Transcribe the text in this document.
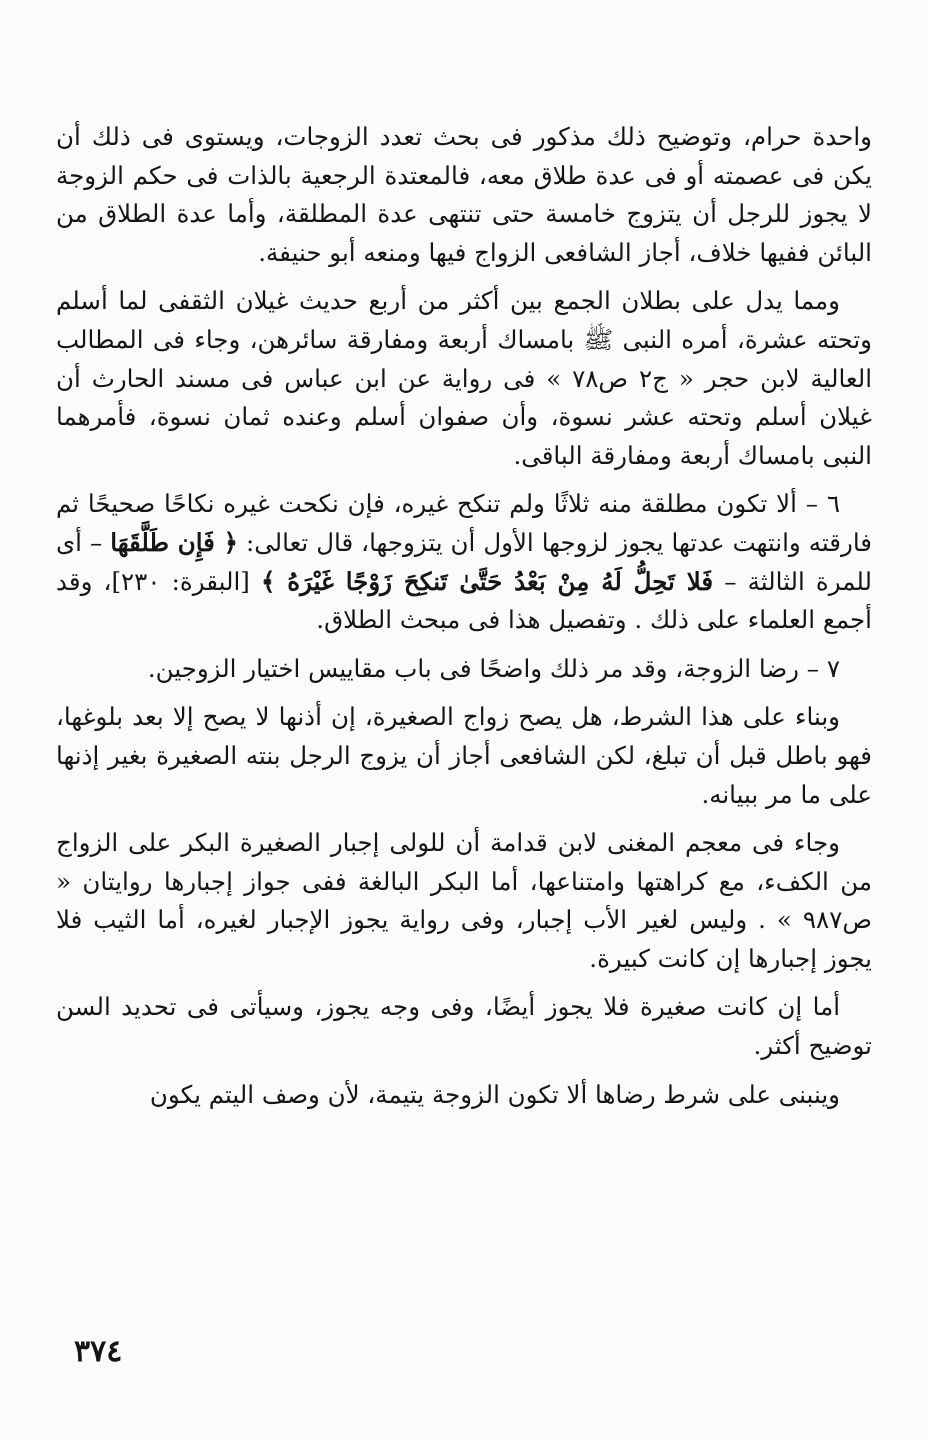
واحدة حرام، وتوضيح ذلك مذكور فى بحث تعدد الزوجات، ويستوى فى ذلك أن يكن فى عصمته أو فى عدة طلاق معه، فالمعتدة الرجعية بالذات فى حكم الزوجة لا يجوز للرجل أن يتزوج خامسة حتى تنتهى عدة المطلقة، وأما عدة الطلاق من البائن ففيها خلاف، أجاز الشافعى الزواج فيها ومنعه أبو حنيفة.

ومما يدل على بطلان الجمع بين أكثر من أربع حديث غيلان الثقفى لما أسلم وتحته عشرة، أمره النبى ﷺ بامساك أربعة ومفارقة سائرهن، وجاء فى المطالب العالية لابن حجر « ج٢ ص٧٨ » فى رواية عن ابن عباس فى مسند الحارث أن غيلان أسلم وتحته عشر نسوة، وأن صفوان أسلم وعنده ثمان نسوة، فأمرهما النبى بامساك أربعة ومفارقة الباقى.

٦ – ألا تكون مطلقة منه ثلاثًا ولم تنكح غيره، فإن نكحت غيره نكاحًا صحيحًا ثم فارقته وانتهت عدتها يجوز لزوجها الأول أن يتزوجها، قال تعالى: ﴿ فَإِن طَلَّقَهَا – أى للمرة الثالثة – فَلا تَحِلُّ لَهُ مِنْ بَعْدُ حَتَّىٰ تَنكِحَ زَوْجًا غَيْرَهُ ﴾ [البقرة: ٢٣٠]، وقد أجمع العلماء على ذلك . وتفصيل هذا فى مبحث الطلاق.

٧ – رضا الزوجة، وقد مر ذلك واضحًا فى باب مقاييس اختيار الزوجين.

وبناء على هذا الشرط، هل يصح زواج الصغيرة، إن أذنها لا يصح إلا بعد بلوغها، فهو باطل قبل أن تبلغ، لكن الشافعى أجاز أن يزوج الرجل بنته الصغيرة بغير إذنها على ما مر ببيانه.

وجاء فى معجم المغنى لابن قدامة أن للولى إجبار الصغيرة البكر على الزواج من الكفء، مع كراهتها وامتناعها، أما البكر البالغة ففى جواز إجبارها روايتان « ص٩٨٧ » . وليس لغير الأب إجبار، وفى رواية يجوز الإجبار لغيره، أما الثيب فلا يجوز إجبارها إن كانت كبيرة.

أما إن كانت صغيرة فلا يجوز أيضًا، وفى وجه يجوز، وسيأتى فى تحديد السن توضيح أكثر.

وينبنى على شرط رضاها ألا تكون الزوجة يتيمة، لأن وصف اليتم يكون

٣٧٤
